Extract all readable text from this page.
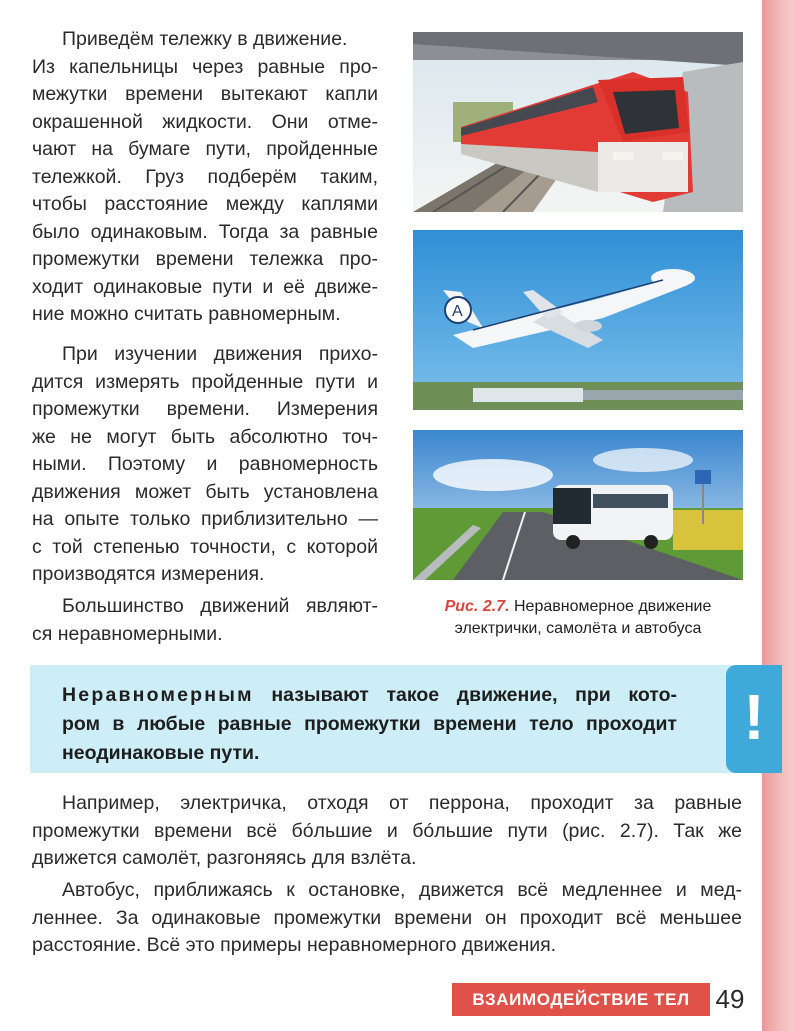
Приведём тележку в движение.
Из капельницы через равные про-
межутки времени вытекают капли
окрашенной жидкости. Они отме-
чают на бумаге пути, пройденные
тележкой. Груз подберём таким,
чтобы расстояние между каплями
было одинаковым. Тогда за равные
промежутки времени тележка про-
ходит одинаковые пути и её движе-
ние можно считать равномерным.
При изучении движения прихо-
дится измерять пройденные пути и
промежутки времени. Измерения
же не могут быть абсолютно точ-
ными. Поэтому и равномерность
движения может быть установлена
на опыте только приблизительно —
с той степенью точности, с которой
производятся измерения.
Большинство движений являют-
ся неравномерными.
A
Рис. 2.7. Неравномерное движение
электрички, самолёта и автобуса
Неравномерным называют такое движение, при кото-
ром в любые равные промежутки времени тело проходит
неодинаковые пути.	!
Например, электричка, отходя от перрона, проходит за равные
промежутки времени всё бóльшие и бóльшие пути (рис. 2.7). Так же
движется самолёт, разгоняясь для взлёта.
Автобус, приближаясь к остановке, движется всё медленнее и мед-
леннее. За одинаковые промежутки времени он проходит всё меньшее
расстояние. Всё это примеры неравномерного движения.
ВЗАИМОДЕЙСТВИЕ ТЕЛ 49
